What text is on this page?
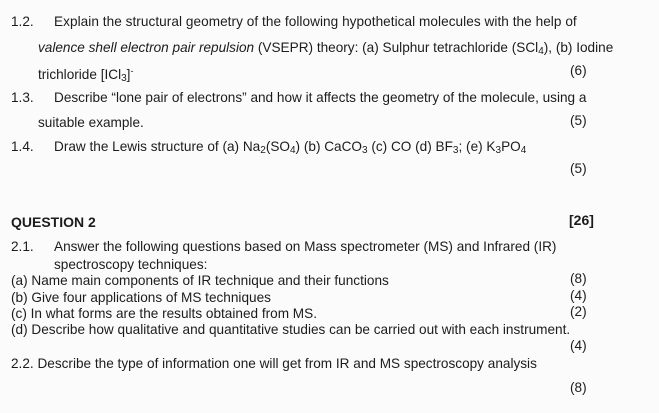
1.2. Explain the structural geometry of the following hypothetical molecules with the help of
valence shell electron pair repulsion (VSEPR) theory: (a) Sulphur tetrachloride (SCl$_4$), (b) Iodine
trichloride [ICl$_3$]-	(6)
1.3. Describe “lone pair of electrons” and how it affects the geometry of the molecule, using a
suitable example.	(5)
1.4. Draw the Lewis structure of (a) $Na_2(SO_4)$ (b) CaCO$_3$ (c) CO (d) $BF_3$; (e) $K_3PO_4$
(5)
QUESTION 2	[26]
2.1. Answer the following questions based on Mass spectrometer (MS) and Infrared (IR)
spectroscopy techniques:
(a) Name main components of IR technique and their functions	(8)
(b) Give four applications of MS techniques	(4)
(c) In what forms are the results obtained from MS.	(2)
(d) Describe how qualitative and quantitative studies can be carried out with each instrument.
(4)
2.2. Describe the type of information one will get from IR and MS spectroscopy analysis
(8)
